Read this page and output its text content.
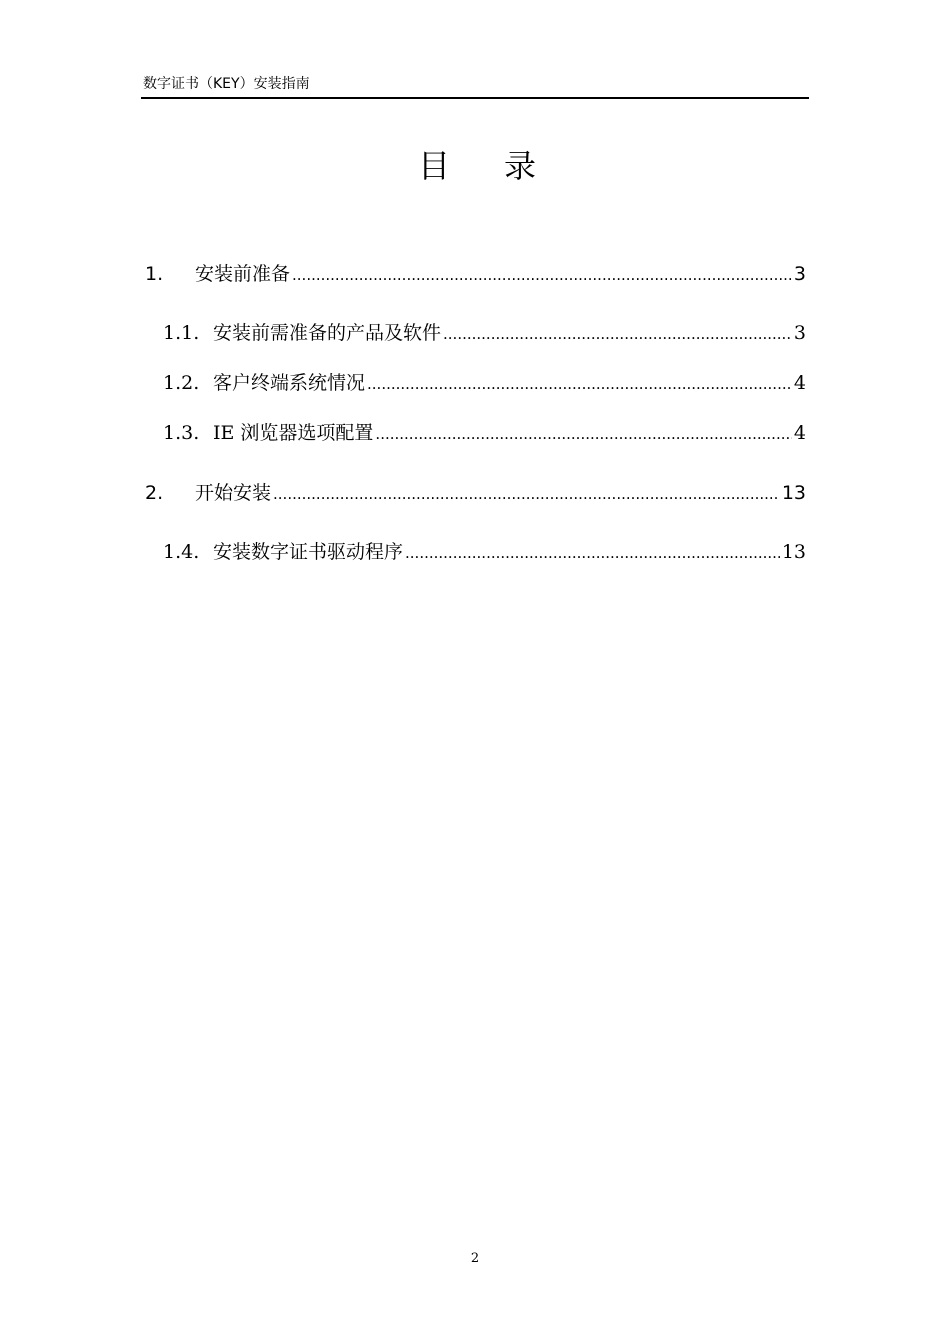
数字证书（KEY）安装指南
目 录
1.	安装前准备 .....	3
1.1. 安装前需准备的产品及软件 .....	3
1.2. 客户终端系统情况 .....	4
1.3. IE 浏览器选项配置 .....	4
2.	开始安装 .....	13
1.4. 安装数字证书驱动程序 .....	13
2
